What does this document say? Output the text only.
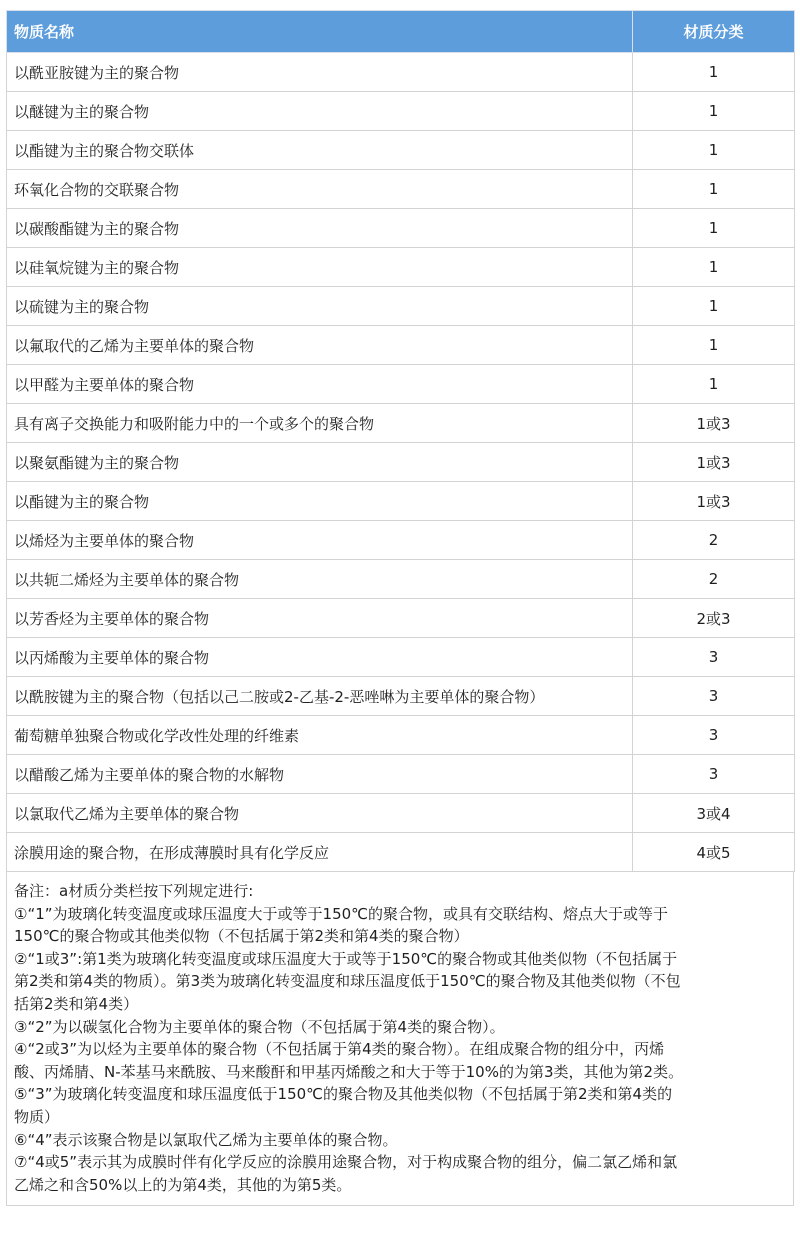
物质名称	材质分类
以酰亚胺键为主的聚合物	1
以醚键为主的聚合物	1
以酯键为主的聚合物交联体	1
环氧化合物的交联聚合物	1
以碳酸酯键为主的聚合物	1
以硅氧烷键为主的聚合物	1
以硫键为主的聚合物	1
以氟取代的乙烯为主要单体的聚合物	1
以甲醛为主要单体的聚合物	1
具有离子交换能力和吸附能力中的一个或多个的聚合物	1或3
以聚氨酯键为主的聚合物	1或3
以酯键为主的聚合物	1或3
以烯烃为主要单体的聚合物	2
以共轭二烯烃为主要单体的聚合物	2
以芳香烃为主要单体的聚合物	2或3
以丙烯酸为主要单体的聚合物	3
以酰胺键为主的聚合物（包括以己二胺或2-乙基-2-恶唑啉为主要单体的聚合物）	3
葡萄糖单独聚合物或化学改性处理的纤维素	3
以醋酸乙烯为主要单体的聚合物的水解物	3
以氯取代乙烯为主要单体的聚合物	3或4
涂膜用途的聚合物，在形成薄膜时具有化学反应	4或5

备注：a材质分类栏按下列规定进行:

①“1”为玻璃化转变温度或球压温度大于或等于150℃的聚合物，或具有交联结构、熔点大于或等于

150℃的聚合物或其他类似物（不包括属于第2类和第4类的聚合物）

②“1或3”:第1类为玻璃化转变温度或球压温度大于或等于150℃的聚合物或其他类似物（不包括属于

第2类和第4类的物质）。第3类为玻璃化转变温度和球压温度低于150℃的聚合物及其他类似物（不包

括第2类和第4类）

③“2”为以碳氢化合物为主要单体的聚合物（不包括属于第4类的聚合物）。

④“2或3”为以烃为主要单体的聚合物（不包括属于第4类的聚合物）。在组成聚合物的组分中，丙烯

酸、丙烯腈、N-苯基马来酰胺、马来酸酐和甲基丙烯酸之和大于等于10%的为第3类，其他为第2类。

⑤“3”为玻璃化转变温度和球压温度低于150℃的聚合物及其他类似物（不包括属于第2类和第4类的

物质）

⑥“4”表示该聚合物是以氯取代乙烯为主要单体的聚合物。

⑦“4或5”表示其为成膜时伴有化学反应的涂膜用途聚合物，对于构成聚合物的组分，偏二氯乙烯和氯

乙烯之和含50%以上的为第4类，其他的为第5类。
